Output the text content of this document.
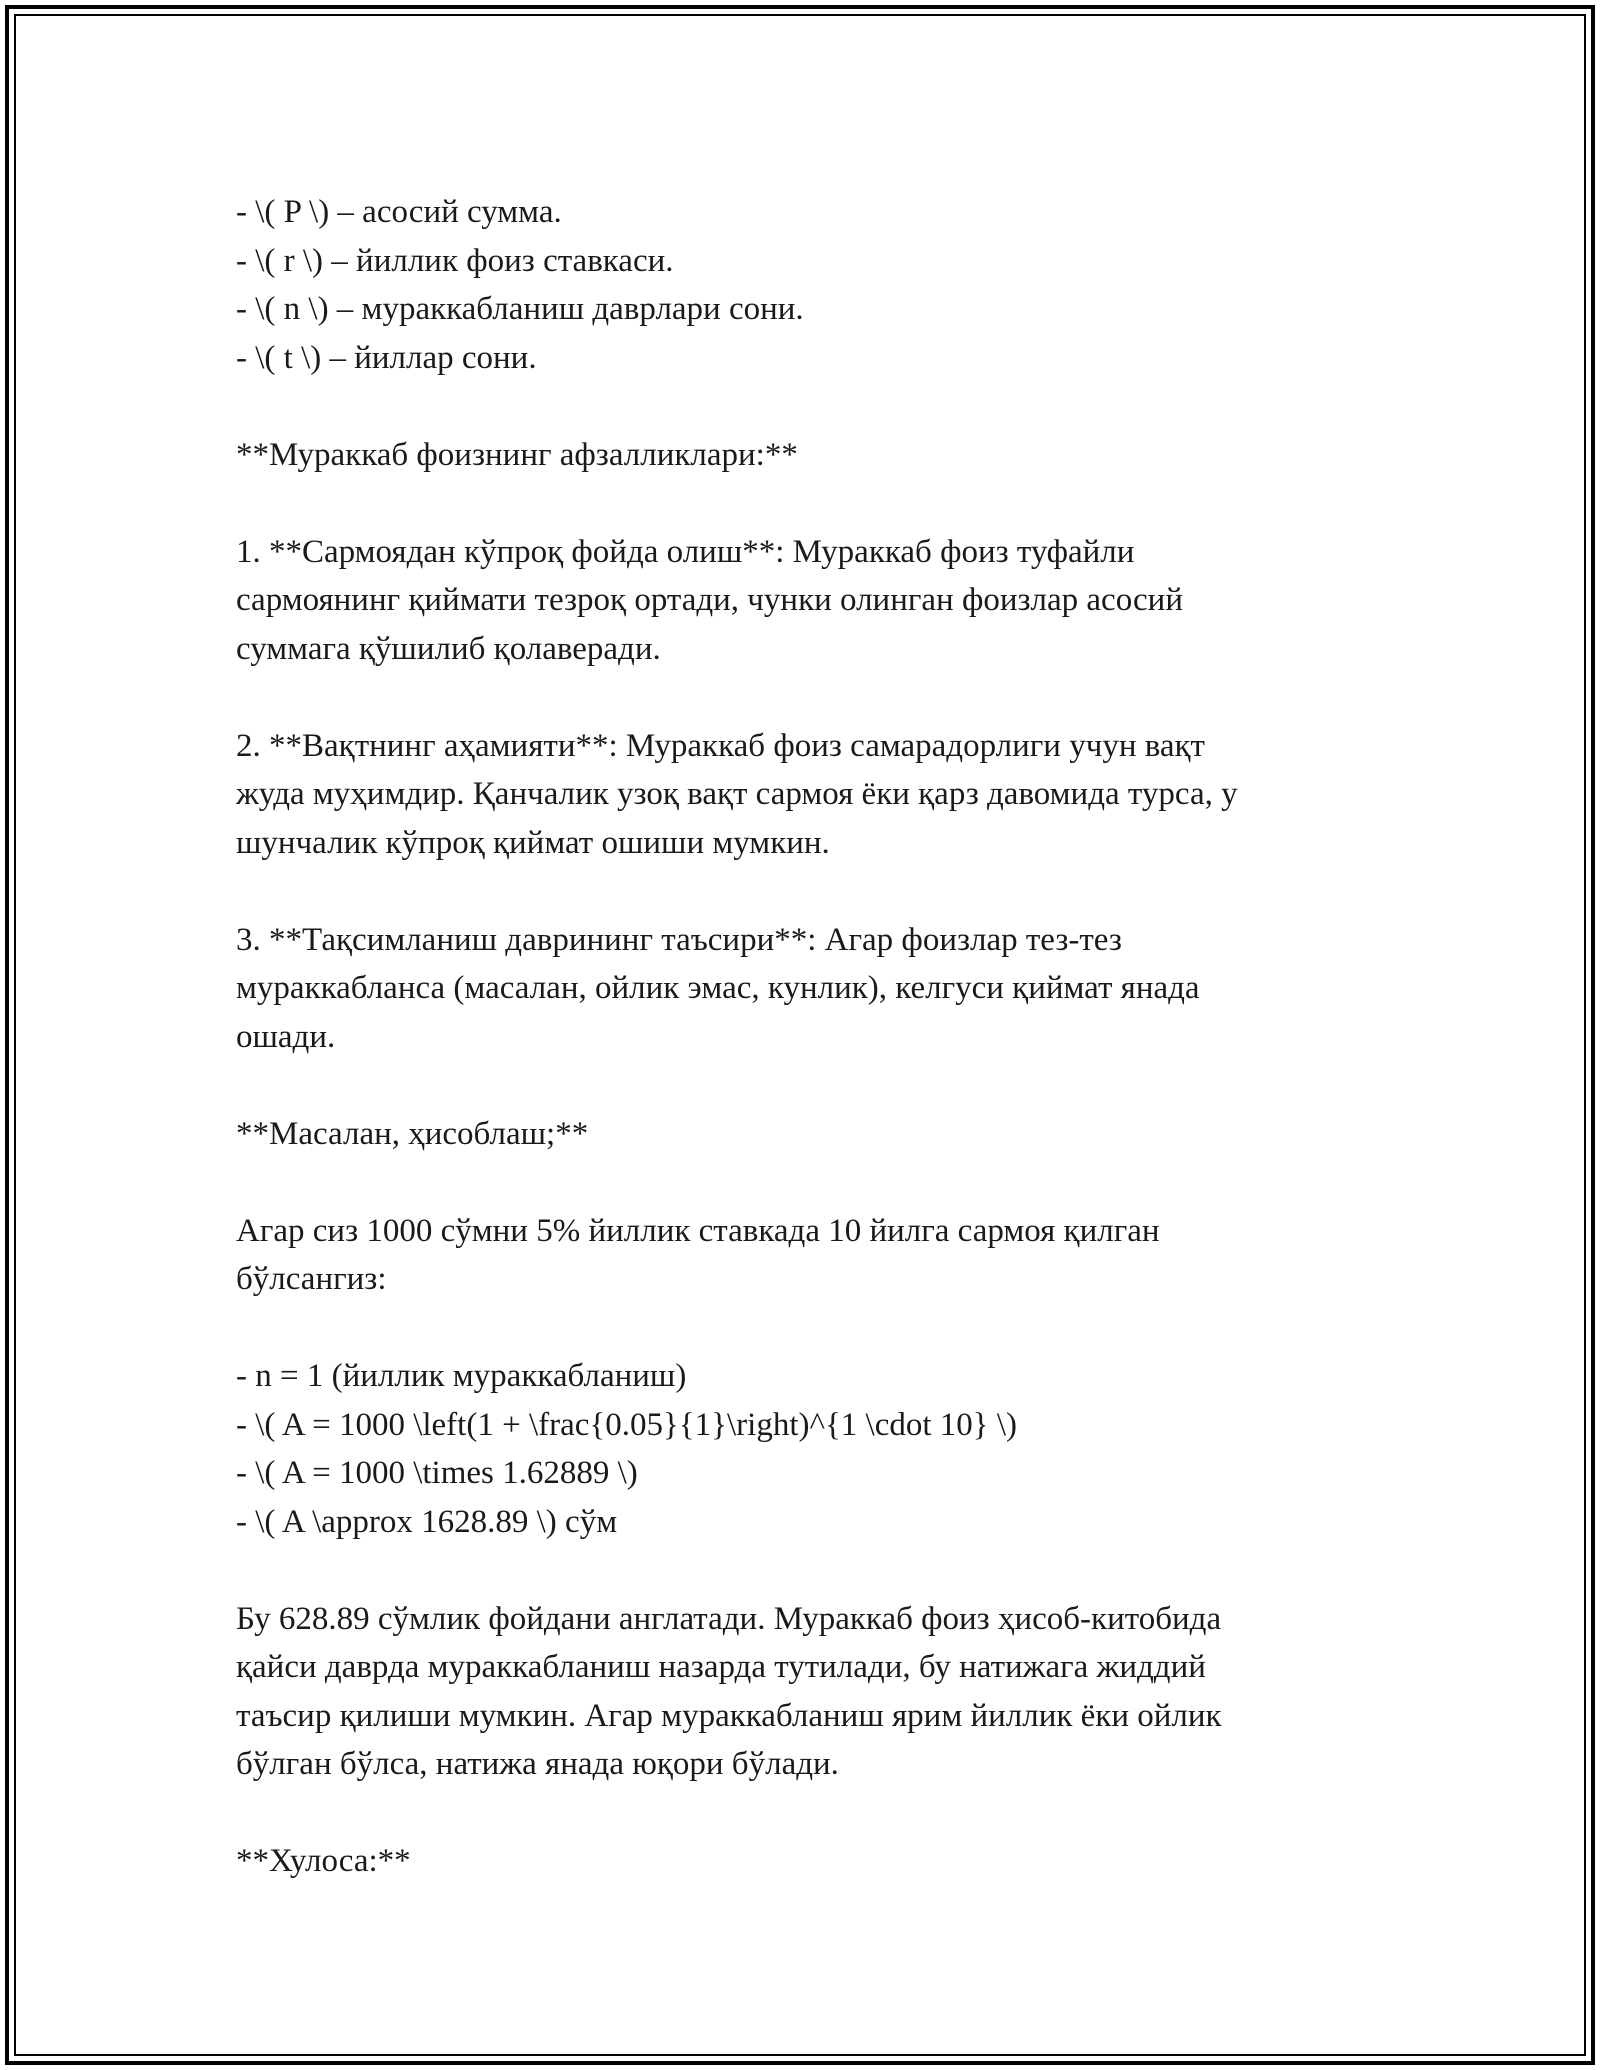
- \( P \) – асосий сумма.
- \( r \) – йиллик фоиз ставкаси.
- \( n \) – мураккабланиш даврлари сони.
- \( t \) – йиллар сони.
**Мураккаб фоизнинг афзалликлари:**
1. **Сармоядан кўпроқ фойда олиш**: Мураккаб фоиз туфайли
сармоянинг қиймати тезроқ ортади, чунки олинган фоизлар асосий
суммага қўшилиб қолаверади.
2. **Вақтнинг аҳамияти**: Мураккаб фоиз самарадорлиги учун вақт
жуда муҳимдир. Қанчалик узоқ вақт сармоя ёки қарз давомида турса, у
шунчалик кўпроқ қиймат ошиши мумкин.
3. **Тақсимланиш даврининг таъсири**: Агар фоизлар тез-тез
мураккабланса (масалан, ойлик эмас, кунлик), келгуси қиймат янада
ошади.
**Масалан, ҳисоблаш;**
Агар сиз 1000 сўмни 5% йиллик ставкада 10 йилга сармоя қилган
бўлсангиз:
- n = 1 (йиллик мураккабланиш)
- \( A = 1000 \left(1 + \frac{0.05}{1}\right)^{1 \cdot 10} \)
- \( A = 1000 \times 1.62889 \)
- \( A \approx 1628.89 \) сўм
Бу 628.89 сўмлик фойдани англатади. Мураккаб фоиз ҳисоб-китобида
қайси даврда мураккабланиш назарда тутилади, бу натижага жиддий
таъсир қилиши мумкин. Агар мураккабланиш ярим йиллик ёки ойлик
бўлган бўлса, натижа янада юқори бўлади.
**Хулоса:**
